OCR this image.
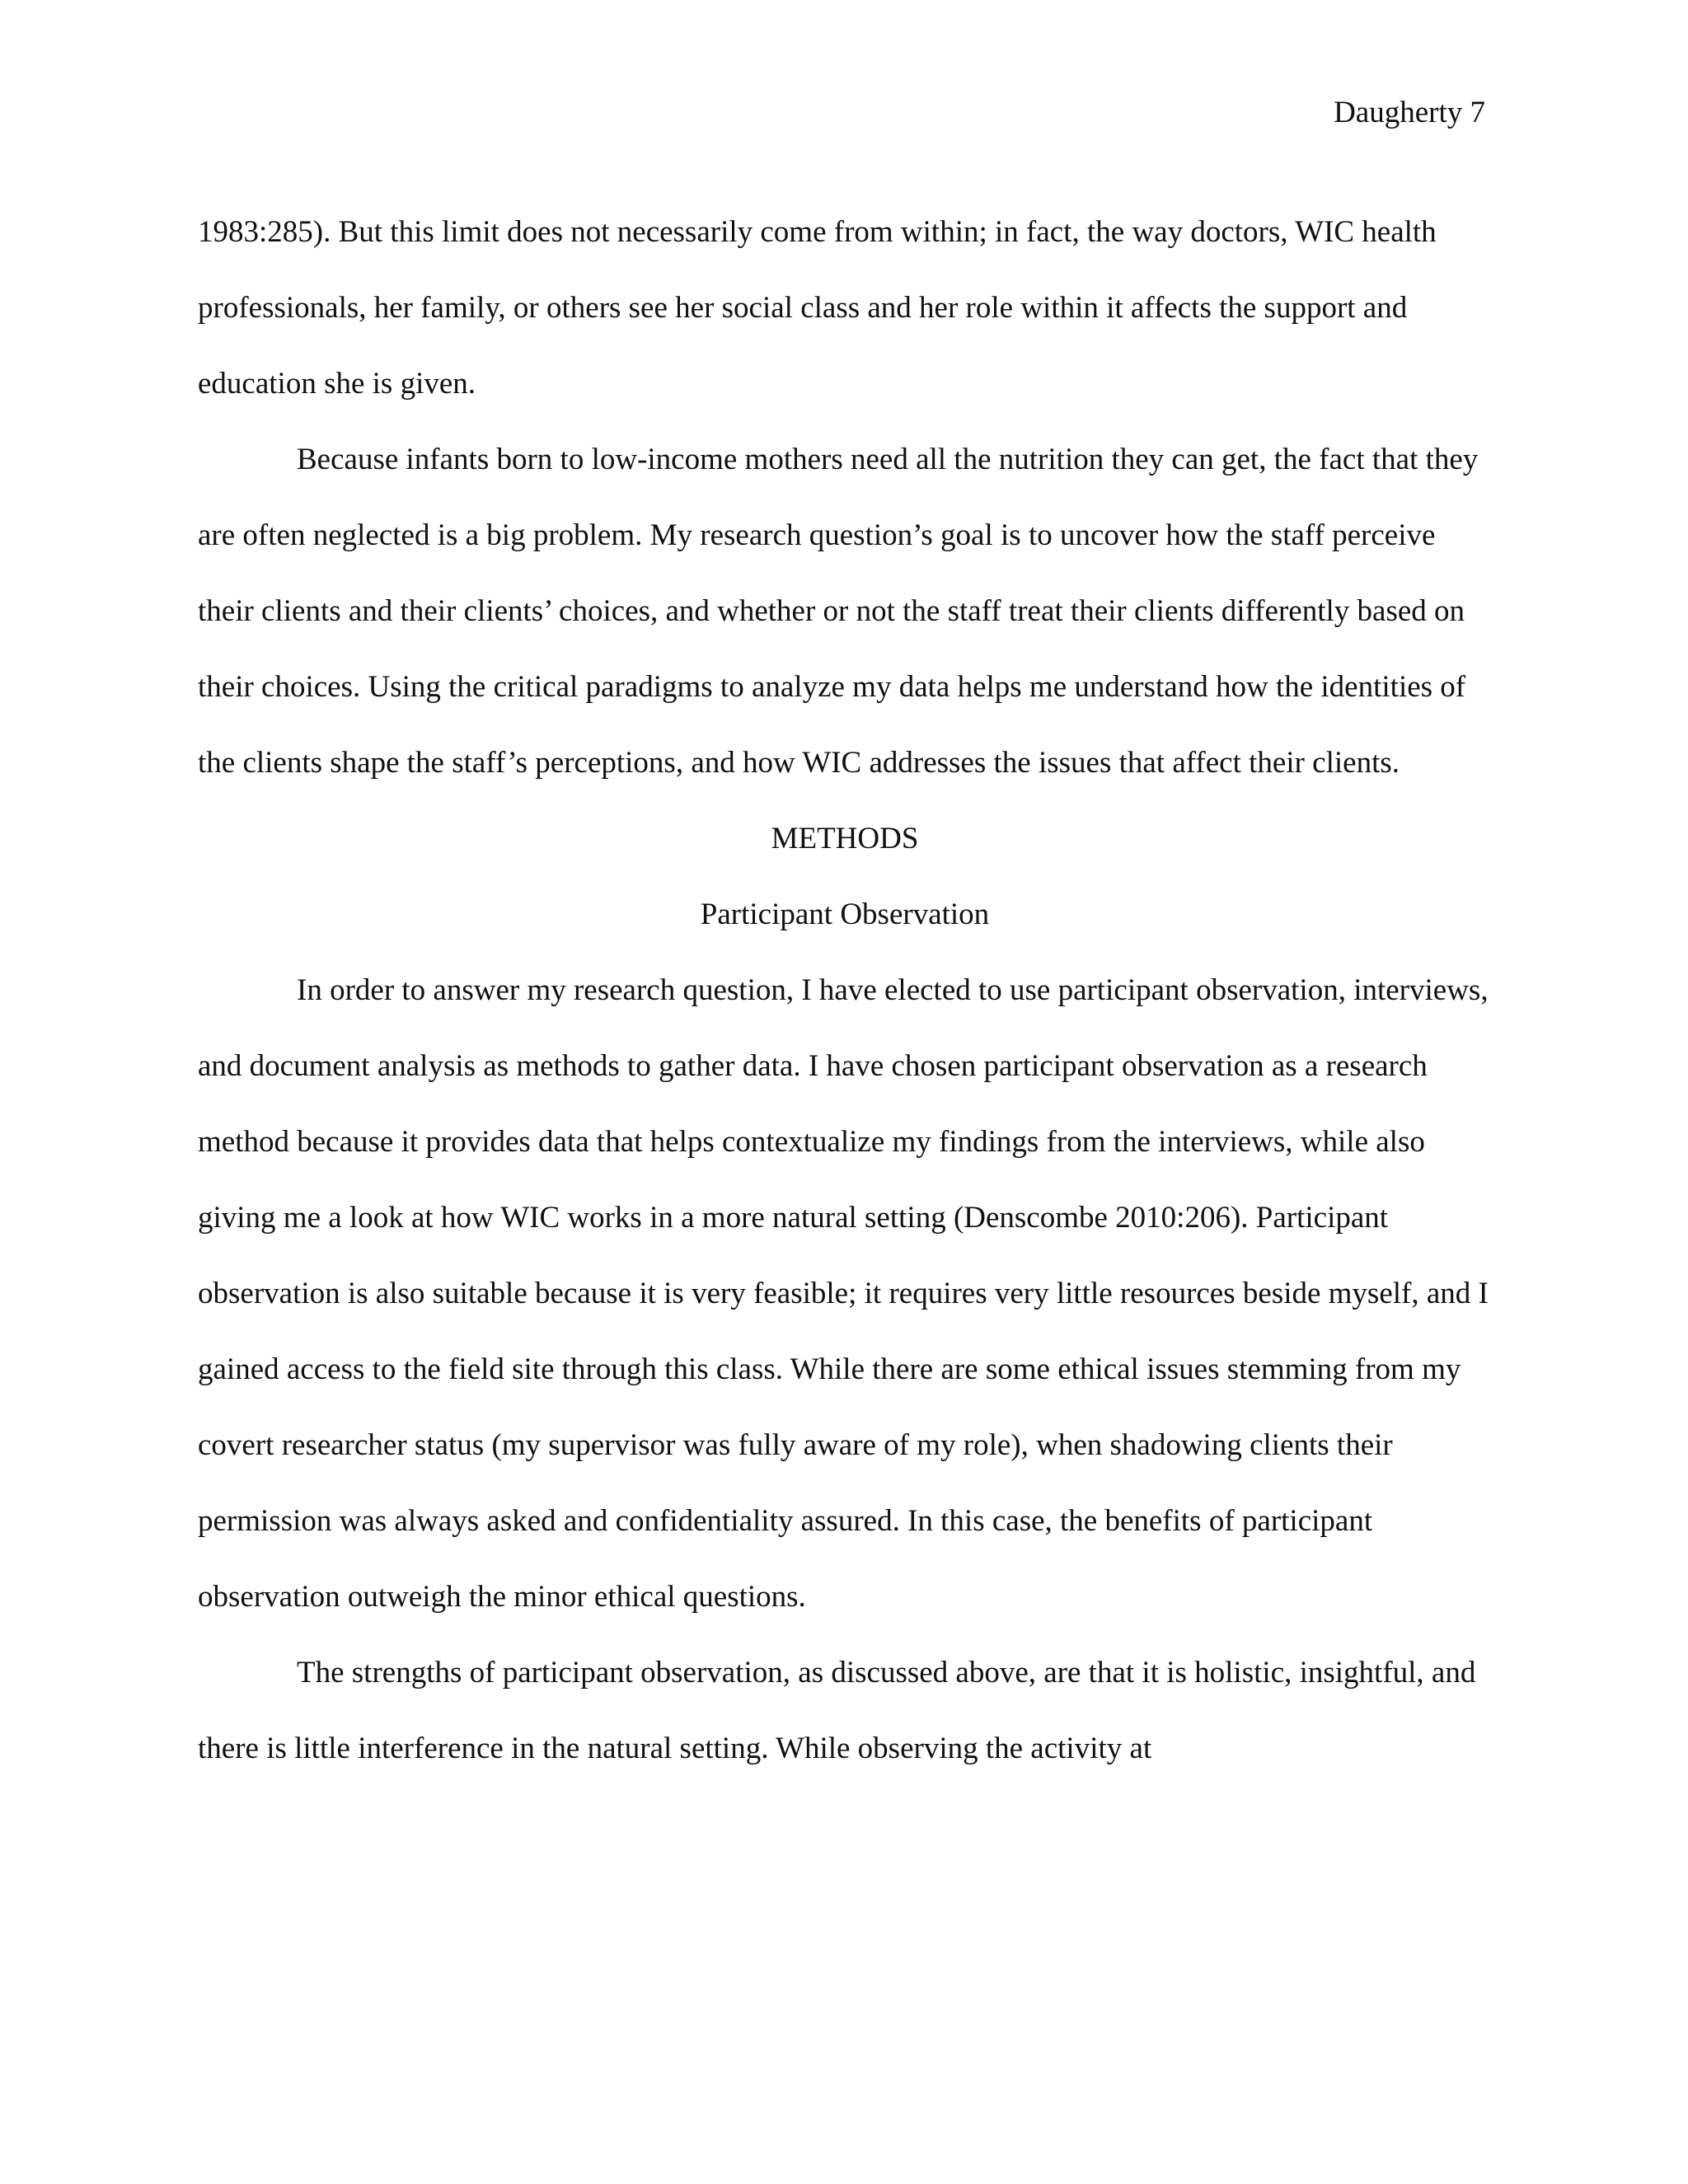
Daugherty 7

1983:285). But this limit does not necessarily come from within; in fact, the way doctors, WIC health professionals, her family, or others see her social class and her role within it affects the support and education she is given.

Because infants born to low-income mothers need all the nutrition they can get, the fact that they are often neglected is a big problem. My research question’s goal is to uncover how the staff perceive their clients and their clients’ choices, and whether or not the staff treat their clients differently based on their choices. Using the critical paradigms to analyze my data helps me understand how the identities of the clients shape the staff’s perceptions, and how WIC addresses the issues that affect their clients.

METHODS

Participant Observation

In order to answer my research question, I have elected to use participant observation, interviews, and document analysis as methods to gather data. I have chosen participant observation as a research method because it provides data that helps contextualize my findings from the interviews, while also giving me a look at how WIC works in a more natural setting (Denscombe 2010:206). Participant observation is also suitable because it is very feasible; it requires very little resources beside myself, and I gained access to the field site through this class. While there are some ethical issues stemming from my covert researcher status (my supervisor was fully aware of my role), when shadowing clients their permission was always asked and confidentiality assured. In this case, the benefits of participant observation outweigh the minor ethical questions.

The strengths of participant observation, as discussed above, are that it is holistic, insightful, and there is little interference in the natural setting. While observing the activity at
